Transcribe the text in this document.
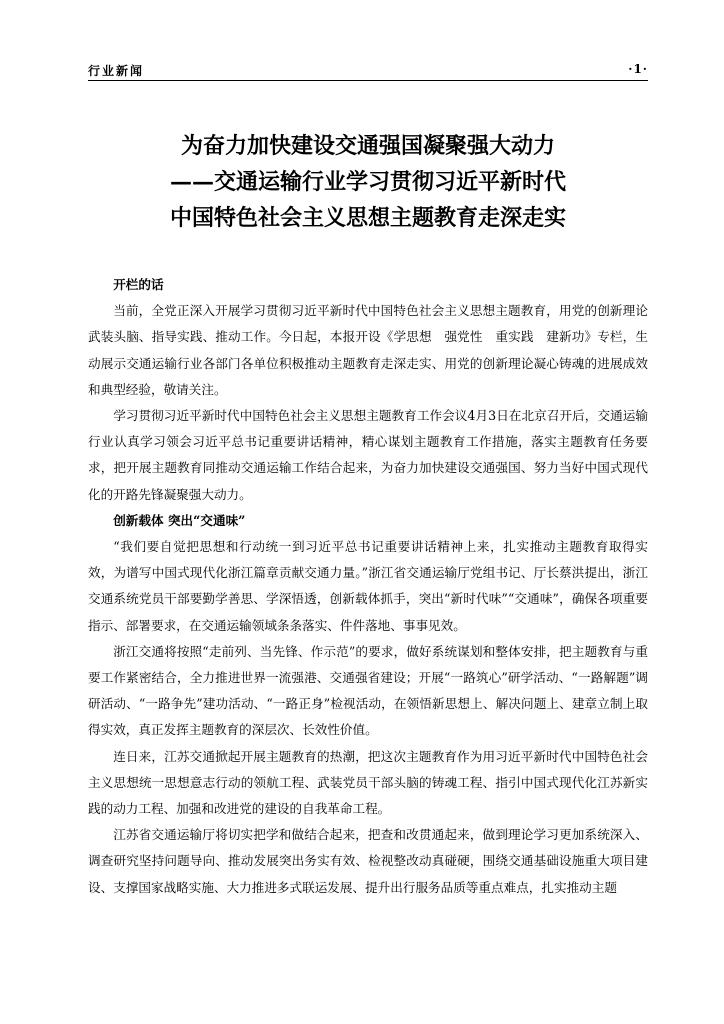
行业新闻	·1·
为奋力加快建设交通强国凝聚强大动力
——交通运输行业学习贯彻习近平新时代
中国特色社会主义思想主题教育走深走实

开栏的话

当前，全党正深入开展学习贯彻习近平新时代中国特色社会主义思想主题教育，用党的创新理论武装头脑、指导实践、推动工作。今日起，本报开设《学思想　强党性　重实践　建新功》专栏，生动展示交通运输行业各部门各单位积极推动主题教育走深走实、用党的创新理论凝心铸魂的进展成效和典型经验，敬请关注。

学习贯彻习近平新时代中国特色社会主义思想主题教育工作会议4月3日在北京召开后，交通运输行业认真学习领会习近平总书记重要讲话精神，精心谋划主题教育工作措施，落实主题教育任务要求，把开展主题教育同推动交通运输工作结合起来，为奋力加快建设交通强国、努力当好中国式现代化的开路先锋凝聚强大动力。

创新载体 突出“交通味”

“我们要自觉把思想和行动统一到习近平总书记重要讲话精神上来，扎实推动主题教育取得实效，为谱写中国式现代化浙江篇章贡献交通力量。”浙江省交通运输厅党组书记、厅长蔡洪提出，浙江交通系统党员干部要勤学善思、学深悟透，创新载体抓手，突出“新时代味”“交通味”，确保各项重要指示、部署要求，在交通运输领域条条落实、件件落地、事事见效。

浙江交通将按照“走前列、当先锋、作示范”的要求，做好系统谋划和整体安排，把主题教育与重要工作紧密结合，全力推进世界一流强港、交通强省建设；开展“一路筑心”研学活动、“一路解题”调研活动、“一路争先”建功活动、“一路正身”检视活动，在领悟新思想上、解决问题上、建章立制上取得实效，真正发挥主题教育的深层次、长效性价值。

连日来，江苏交通掀起开展主题教育的热潮，把这次主题教育作为用习近平新时代中国特色社会主义思想统一思想意志行动的领航工程、武装党员干部头脑的铸魂工程、指引中国式现代化江苏新实践的动力工程、加强和改进党的建设的自我革命工程。

江苏省交通运输厅将切实把学和做结合起来，把查和改贯通起来，做到理论学习更加系统深入、调查研究坚持问题导向、推动发展突出务实有效、检视整改动真碰硬，围绕交通基础设施重大项目建设、支撑国家战略实施、大力推进多式联运发展、提升出行服务品质等重点难点，扎实推动主题
